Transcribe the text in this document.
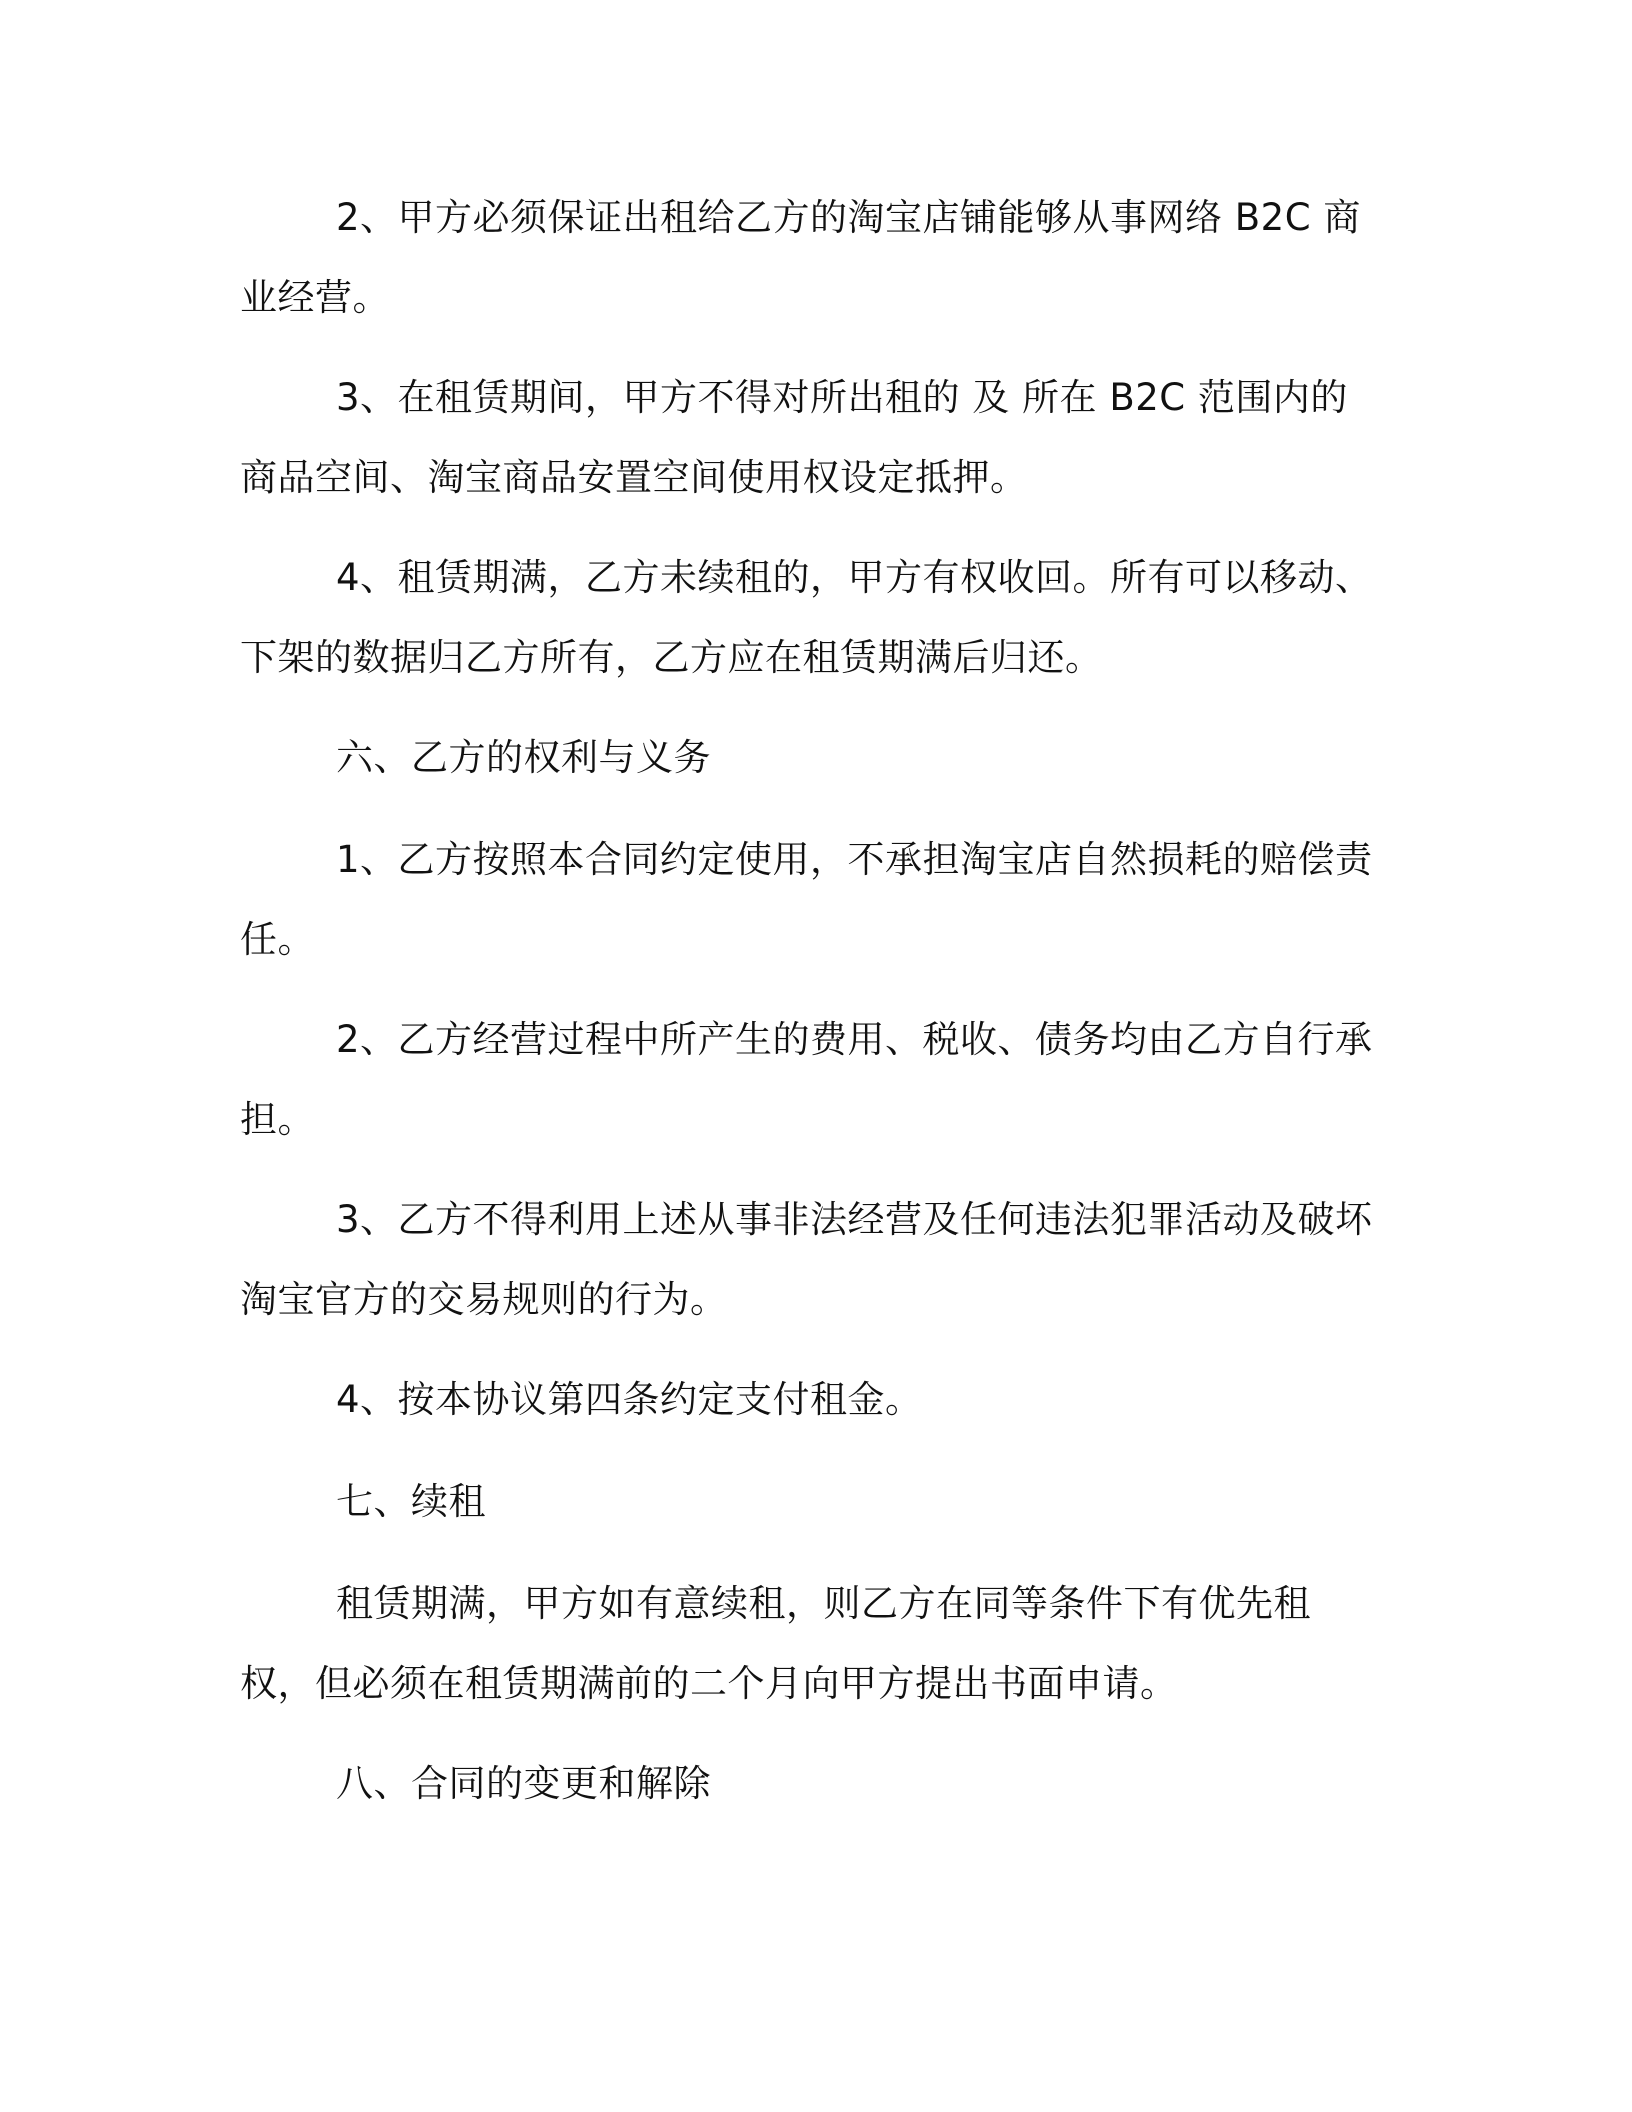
2、甲方必须保证出租给乙方的淘宝店铺能够从事网络 B2C 商业经营。

3、在租赁期间，甲方不得对所出租的 及 所在 B2C 范围内的商品空间、淘宝商品安置空间使用权设定抵押。

4、租赁期满，乙方未续租的，甲方有权收回。所有可以移动、下架的数据归乙方所有，乙方应在租赁期满后归还。

六、乙方的权利与义务

1、乙方按照本合同约定使用，不承担淘宝店自然损耗的赔偿责任。

2、乙方经营过程中所产生的费用、税收、债务均由乙方自行承担。

3、乙方不得利用上述从事非法经营及任何违法犯罪活动及破坏淘宝官方的交易规则的行为。

4、按本协议第四条约定支付租金。

七、续租

租赁期满，甲方如有意续租，则乙方在同等条件下有优先租权，但必须在租赁期满前的二个月向甲方提出书面申请。

八、合同的变更和解除
